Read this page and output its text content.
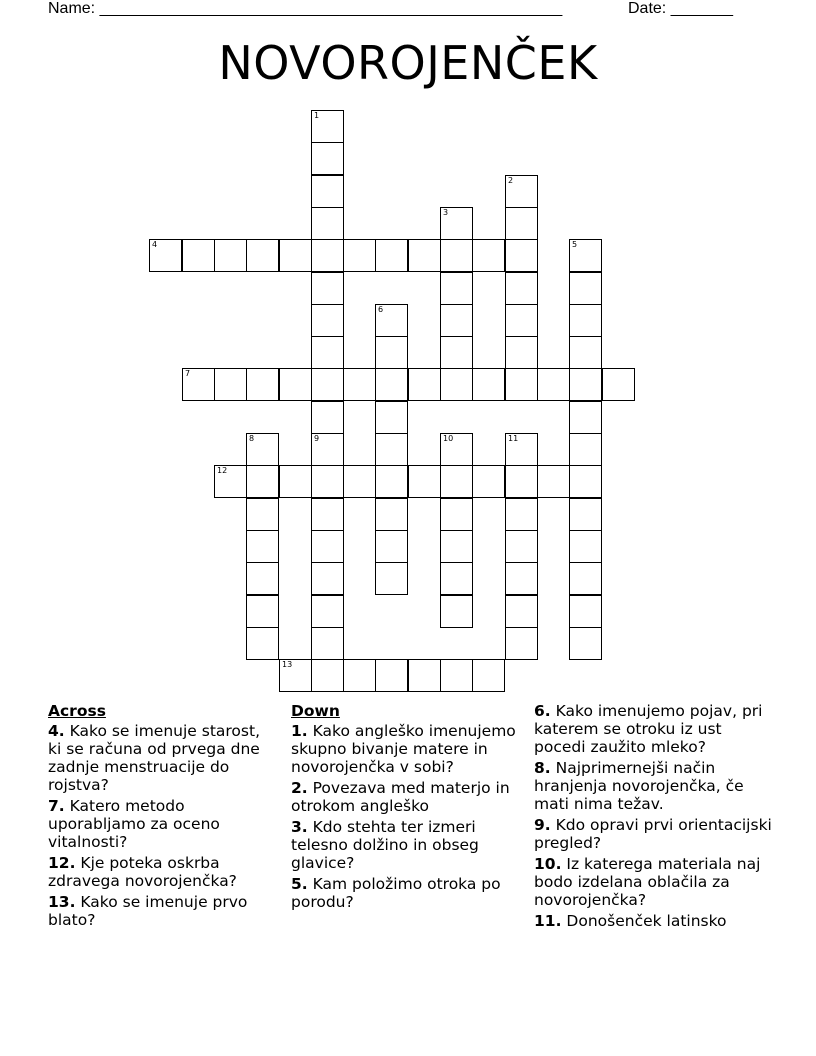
Name: ____________________________________________________	Date: _______
NOVOROJENČEK
1
2
3
4	5
6
7
8	9	10	11
12
13
Across
4. Kako se imenuje starost, ki se računa od prvega dne zadnje menstruacije do rojstva?
7. Katero metodo uporabljamo za oceno vitalnosti?
12. Kje poteka oskrba zdravega novorojenčka?
13. Kako se imenuje prvo blato?
Down
1. Kako angleško imenujemo skupno bivanje matere in novorojenčka v sobi?
2. Povezava med materjo in otrokom angleško
3. Kdo stehta ter izmeri telesno dolžino in obseg glavice?
5. Kam položimo otroka po porodu?
6. Kako imenujemo pojav, pri katerem se otroku iz ust pocedi zaužito mleko?
8. Najprimernejši način hranjenja novorojenčka, če mati nima težav.
9. Kdo opravi prvi orientacijski pregled?
10. Iz katerega materiala naj bodo izdelana oblačila za novorojenčka?
11. Donošenček latinsko
